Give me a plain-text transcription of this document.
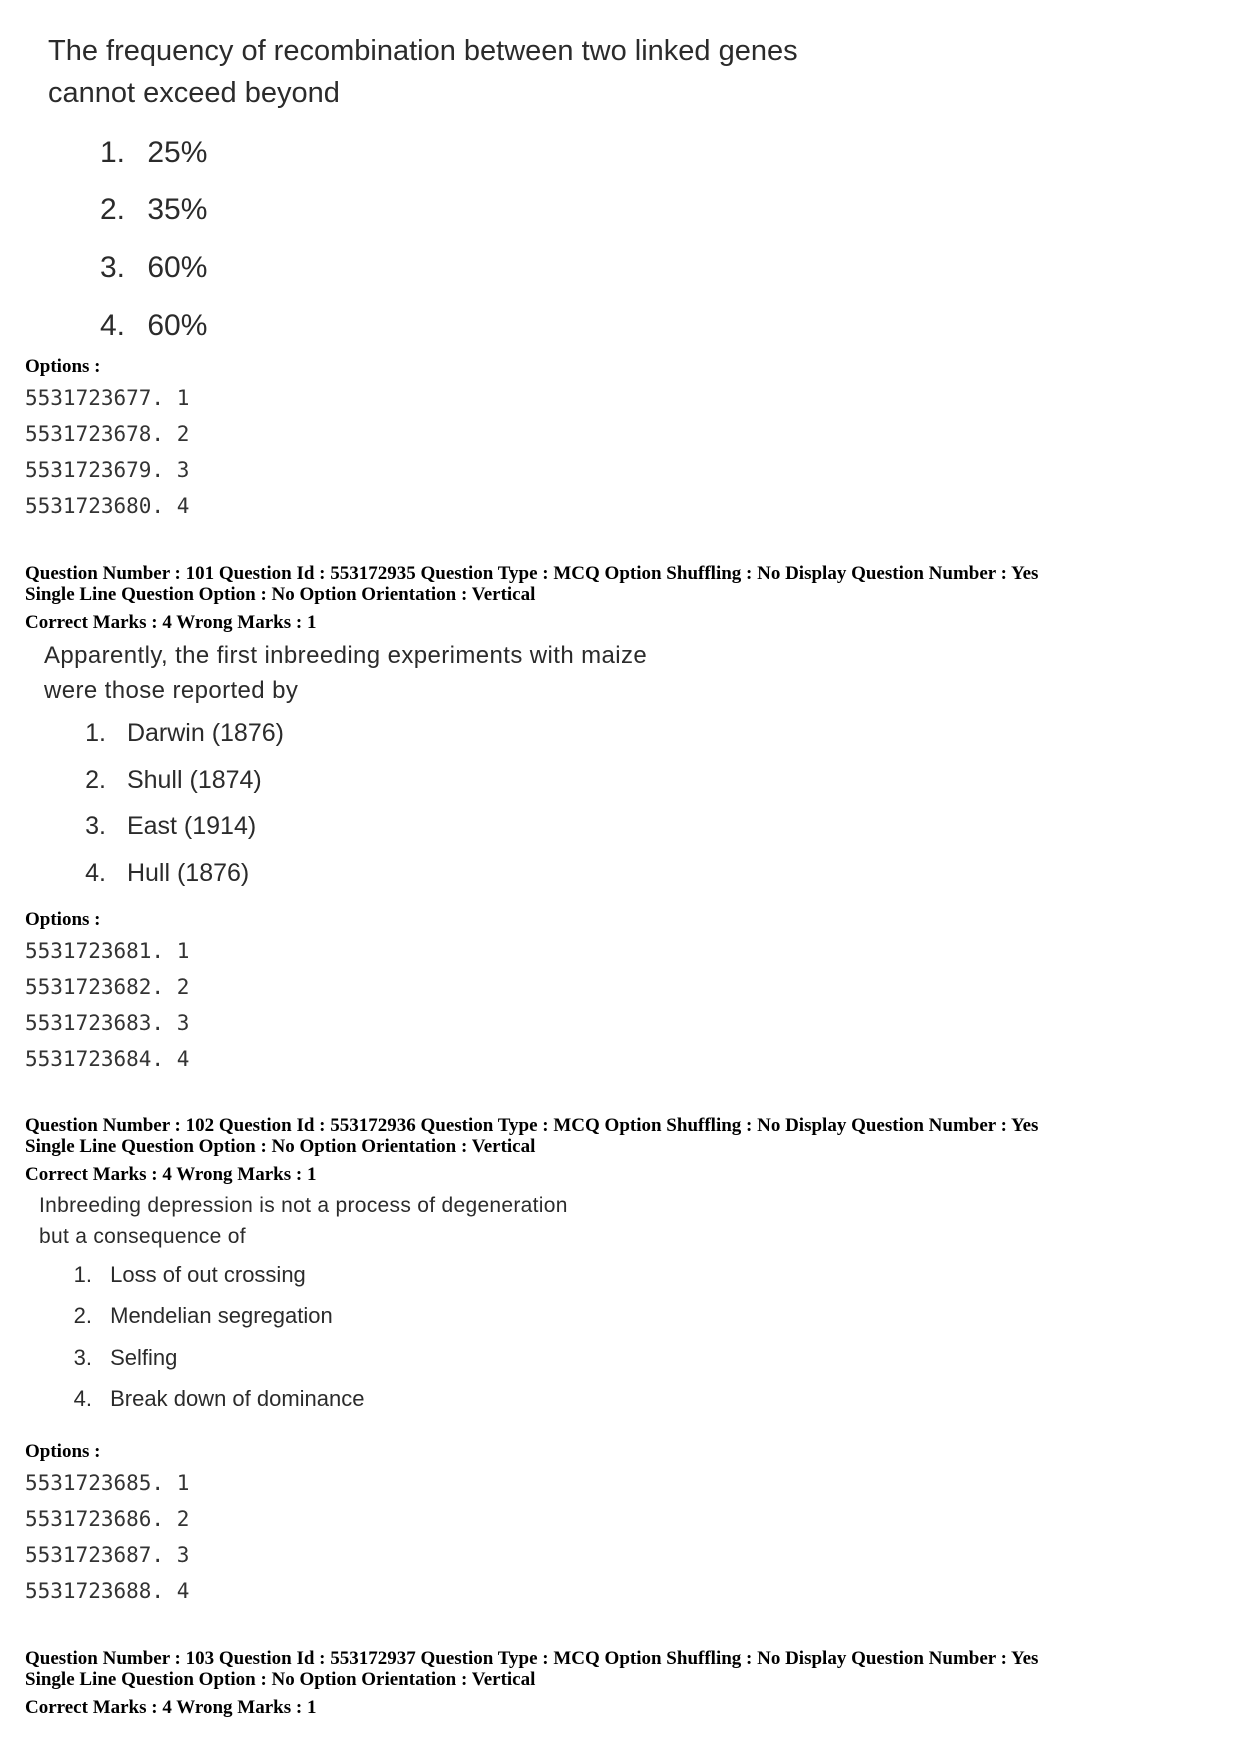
The frequency of recombination between two linked genes
cannot exceed beyond
1. 25%
2. 35%
3. 60%
4. 60%
Options :
5531723677. 1
5531723678. 2
5531723679. 3
5531723680. 4
Question Number : 101 Question Id : 553172935 Question Type : MCQ Option Shuffling : No Display Question Number : Yes
Single Line Question Option : No Option Orientation : Vertical
Correct Marks : 4 Wrong Marks : 1
Apparently, the first inbreeding experiments with maize
were those reported by
1. Darwin (1876)
2. Shull (1874)
3. East (1914)
4. Hull (1876)
Options :
5531723681. 1
5531723682. 2
5531723683. 3
5531723684. 4
Question Number : 102 Question Id : 553172936 Question Type : MCQ Option Shuffling : No Display Question Number : Yes
Single Line Question Option : No Option Orientation : Vertical
Correct Marks : 4 Wrong Marks : 1
Inbreeding depression is not a process of degeneration
but a consequence of
1. Loss of out crossing
2. Mendelian segregation
3. Selfing
4. Break down of dominance
Options :
5531723685. 1
5531723686. 2
5531723687. 3
5531723688. 4
Question Number : 103 Question Id : 553172937 Question Type : MCQ Option Shuffling : No Display Question Number : Yes
Single Line Question Option : No Option Orientation : Vertical
Correct Marks : 4 Wrong Marks : 1
